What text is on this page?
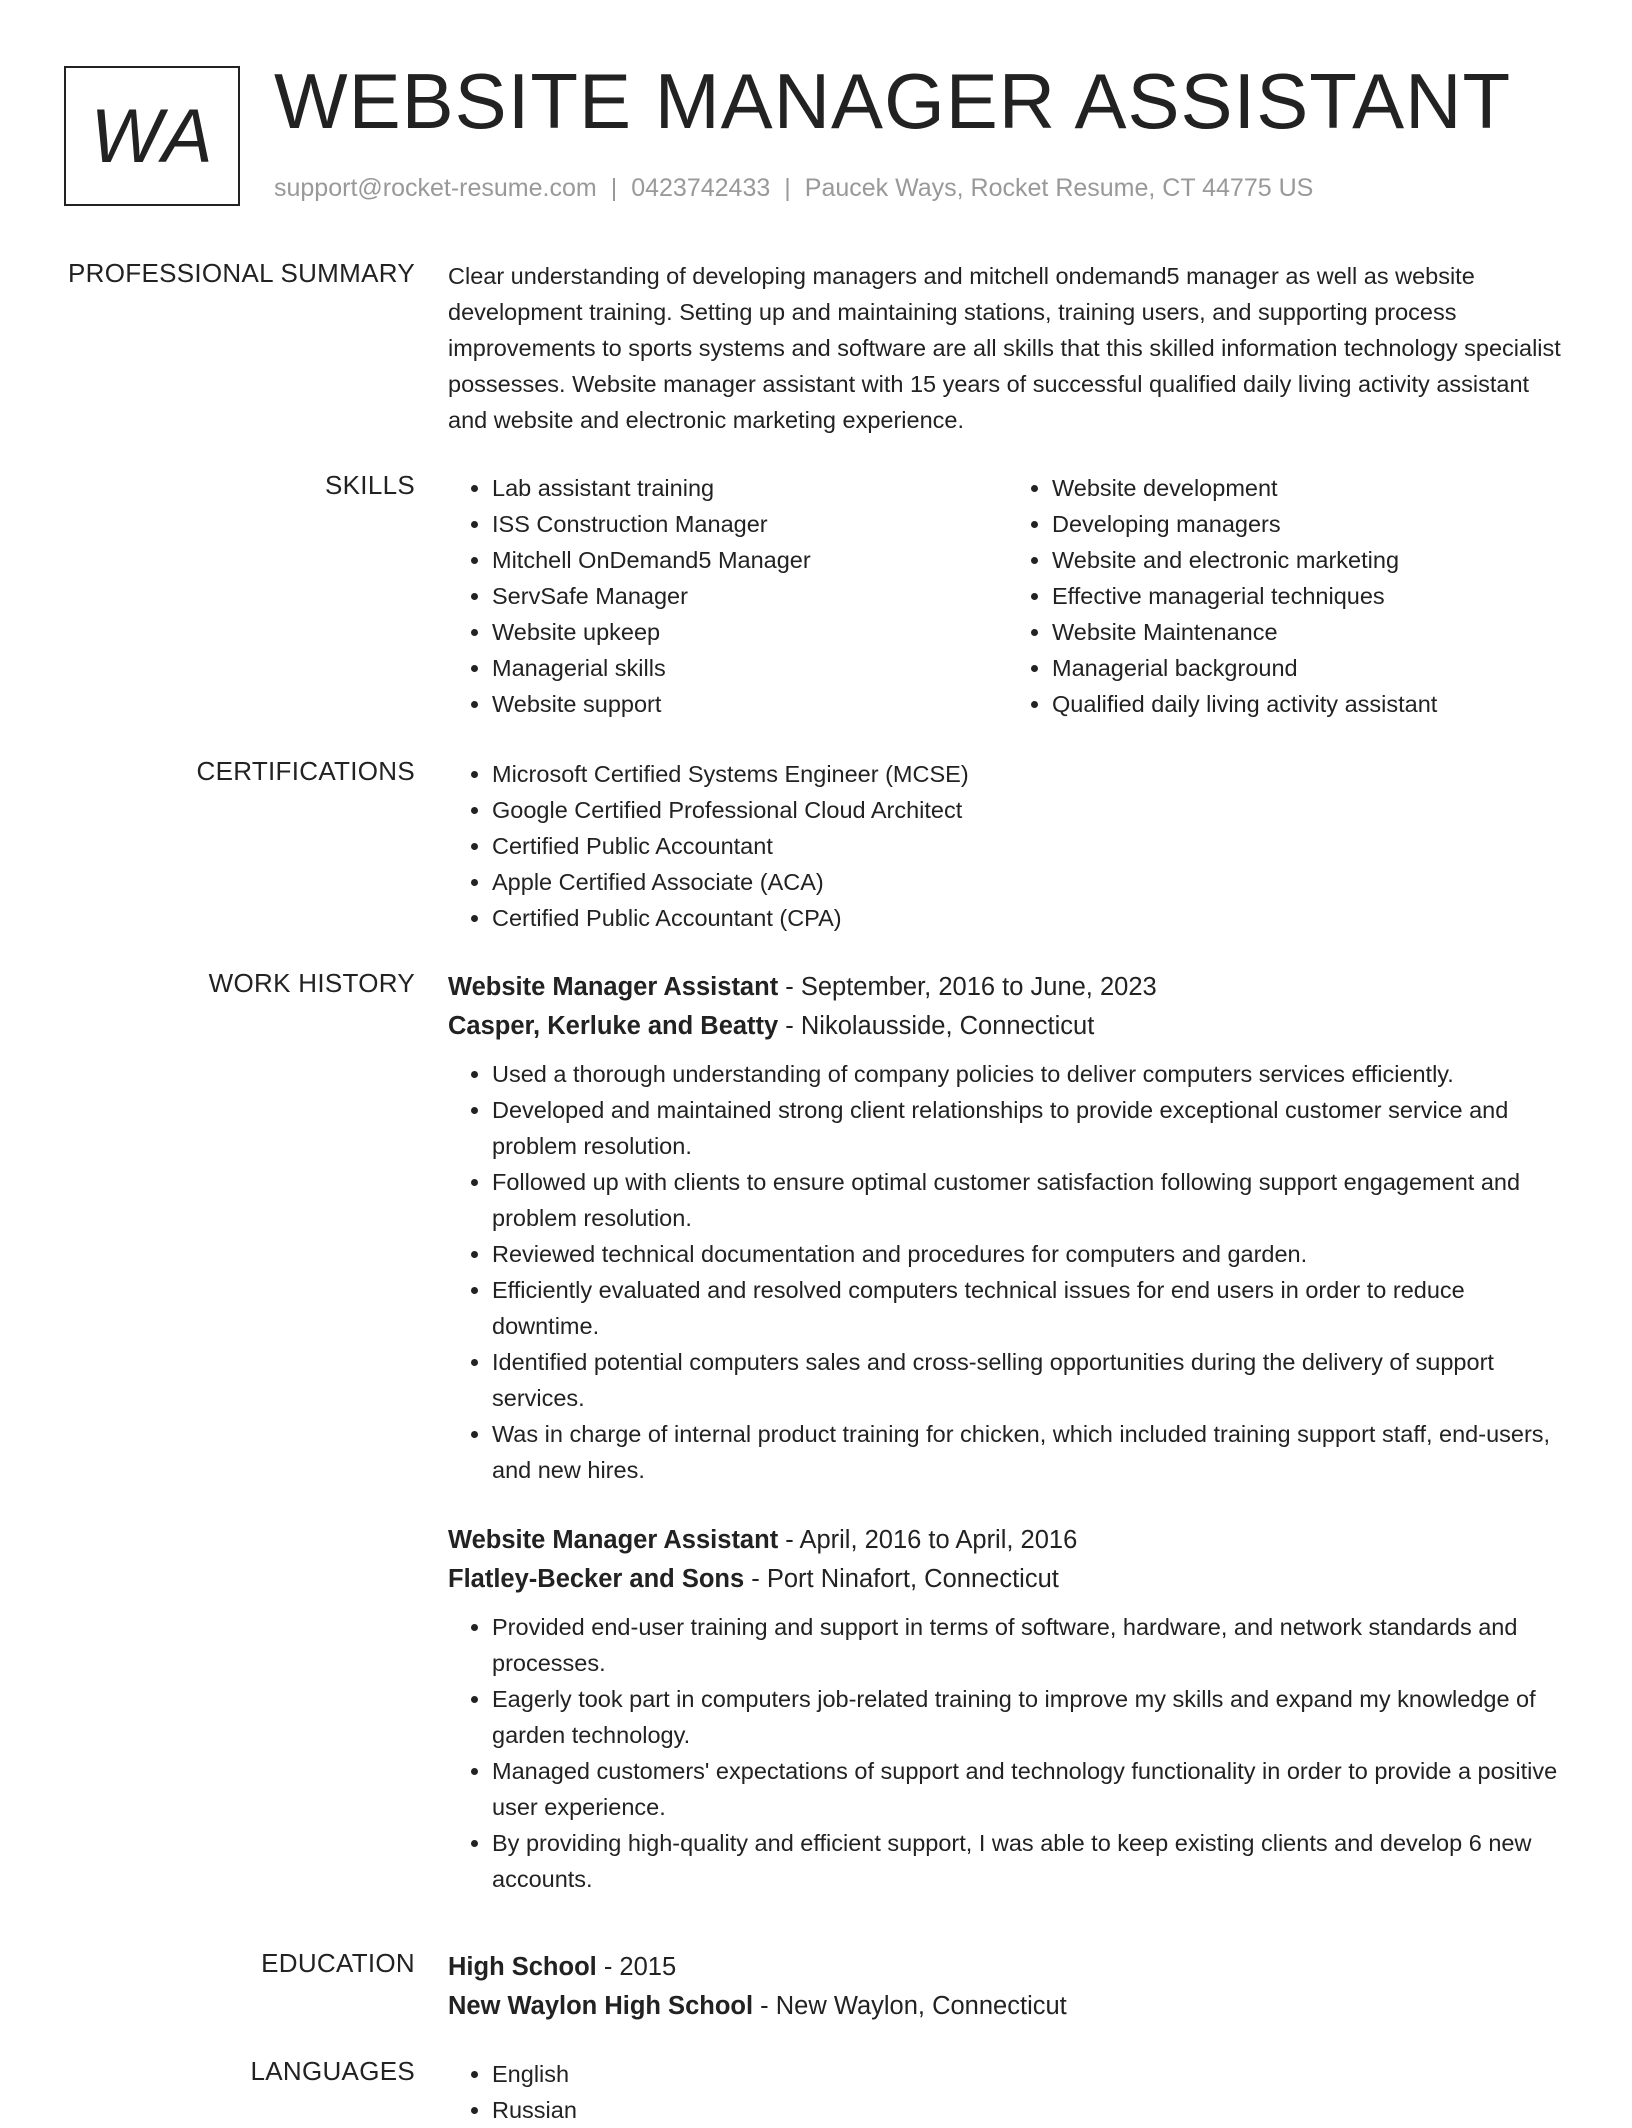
WA WEBSITE MANAGER ASSISTANT
support@rocket-resume.com | 0423742433 | Paucek Ways, Rocket Resume, CT 44775 US
PROFESSIONAL SUMMARY Clear understanding of developing managers and mitchell ondemand5 manager as well as website development training. Setting up and maintaining stations, training users, and supporting process improvements to sports systems and software are all skills that this skilled information technology specialist possesses. Website manager assistant with 15 years of successful qualified daily living activity assistant and website and electronic marketing experience.
SKILLS	• Lab assistant training
• ISS Construction Manager
• Mitchell OnDemand5 Manager
• ServSafe Manager
• Website upkeep
• Managerial skills
• Website support
• Website development
• Developing managers
• Website and electronic marketing
• Effective managerial techniques
• Website Maintenance
• Managerial background
• Qualified daily living activity assistant
CERTIFICATIONS	• Microsoft Certified Systems Engineer (MCSE)
• Google Certified Professional Cloud Architect
• Certified Public Accountant
• Apple Certified Associate (ACA)
• Certified Public Accountant (CPA)
WORK HISTORY Website Manager Assistant - September, 2016 to June, 2023
Casper, Kerluke and Beatty - Nikolausside, Connecticut
• Used a thorough understanding of company policies to deliver computers services efficiently.
• Developed and maintained strong client relationships to provide exceptional customer service and problem resolution.
• Followed up with clients to ensure optimal customer satisfaction following support engagement and problem resolution.
• Reviewed technical documentation and procedures for computers and garden.
• Efficiently evaluated and resolved computers technical issues for end users in order to reduce downtime.
• Identified potential computers sales and cross-selling opportunities during the delivery of support services.
• Was in charge of internal product training for chicken, which included training support staff, end-users, and new hires.
Website Manager Assistant - April, 2016 to April, 2016
Flatley-Becker and Sons - Port Ninafort, Connecticut
• Provided end-user training and support in terms of software, hardware, and network standards and processes.
• Eagerly took part in computers job-related training to improve my skills and expand my knowledge of garden technology.
• Managed customers' expectations of support and technology functionality in order to provide a positive user experience.
• By providing high-quality and efficient support, I was able to keep existing clients and develop 6 new accounts.
EDUCATION High School - 2015
New Waylon High School - New Waylon, Connecticut
LANGUAGES	• English
• Russian
